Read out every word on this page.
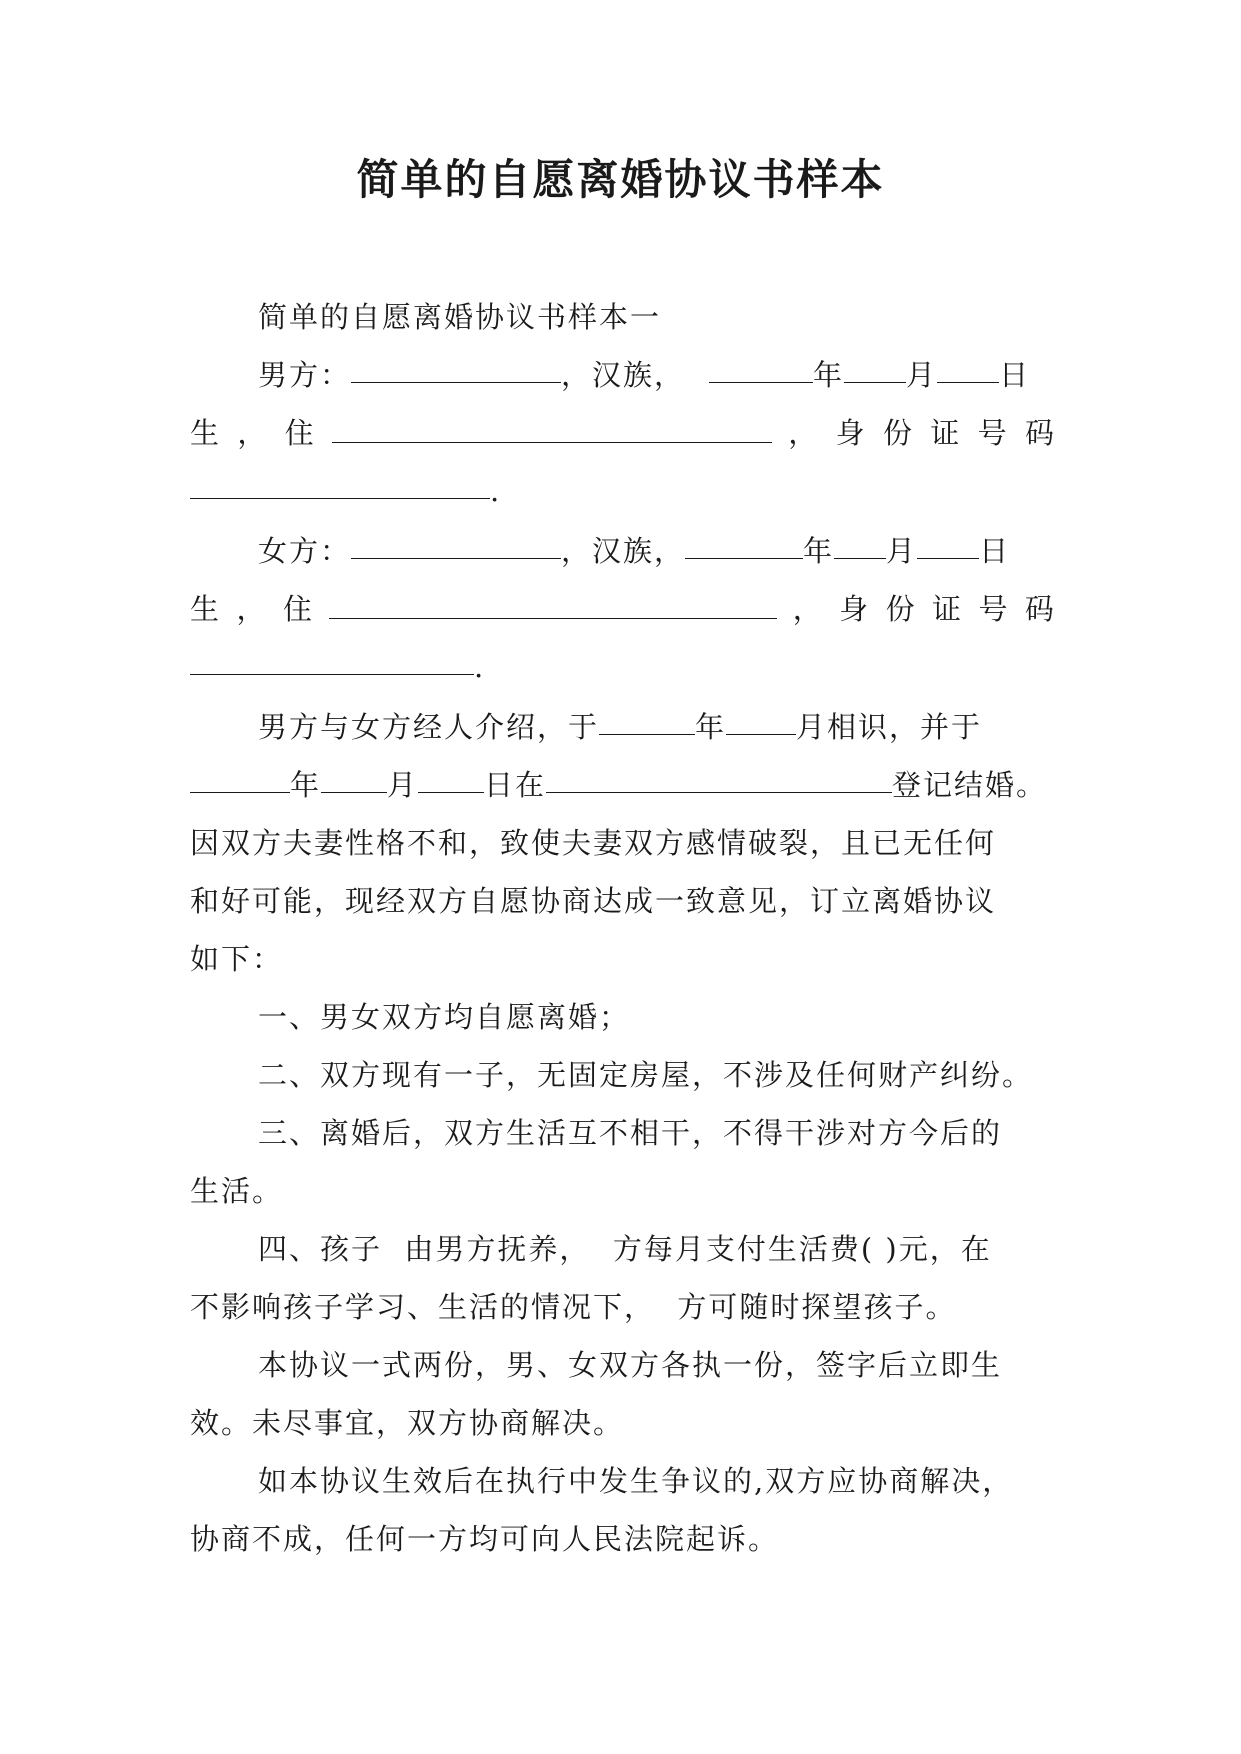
简单的自愿离婚协议书样本
简单的自愿离婚协议书样本一
男方：	，汉族，	年 月 日
生 ， 住	， 身 份 证 号 码
.
女方：	，汉族，	年 月 日
生 ， 住	， 身 份 证 号 码
.
男方与女方经人介绍，于	年 月相识，并于
年 月 日在	登记结婚。
因双方夫妻性格不和，致使夫妻双方感情破裂，且已无任何
和好可能，现经双方自愿协商达成一致意见，订立离婚协议
如下：
一、男女双方均自愿离婚；
二、双方现有一子，无固定房屋，不涉及任何财产纠纷。
三、离婚后，双方生活互不相干，不得干涉对方今后的
生活。
四、孩子  由男方抚养，  方每月支付生活费( )元，在
不影响孩子学习、生活的情况下，  方可随时探望孩子。
本协议一式两份，男、女双方各执一份，签字后立即生
效。未尽事宜，双方协商解决。
如本协议生效后在执行中发生争议的,双方应协商解决，
协商不成，任何一方均可向人民法院起诉。
